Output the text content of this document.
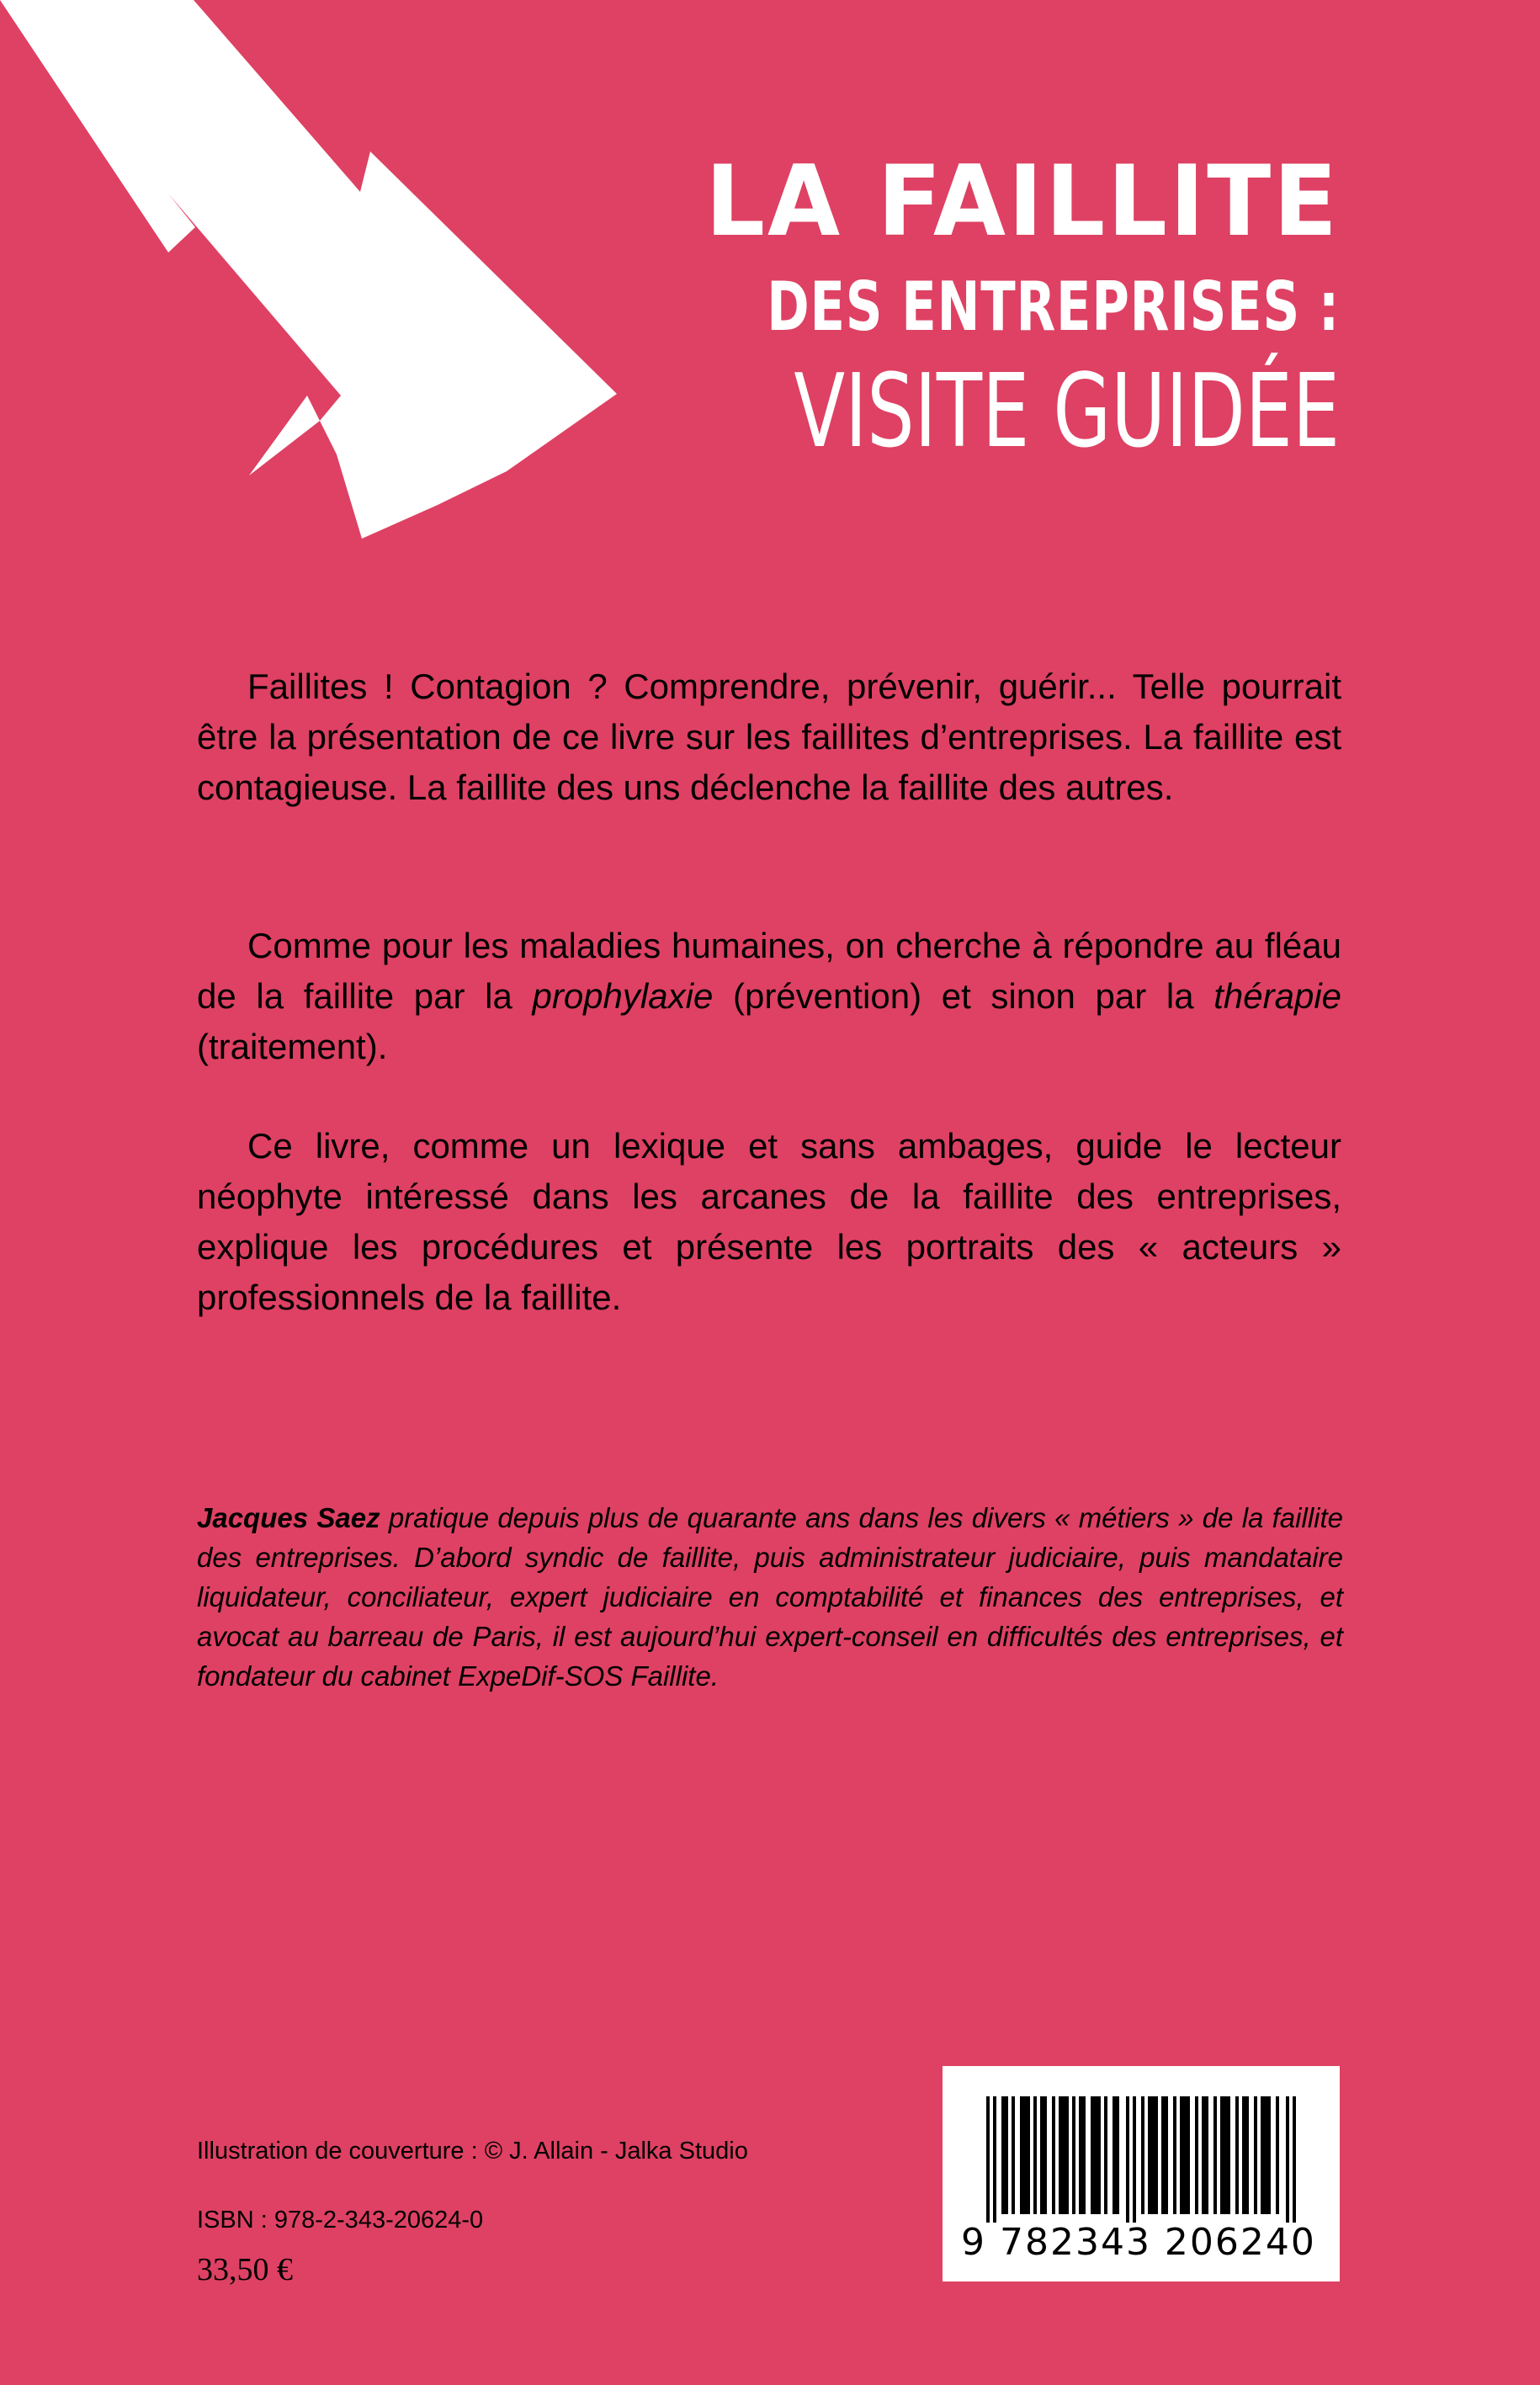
LA FAILLITE
DES ENTREPRISES :
VISITE GUIDÉE

Faillites ! Contagion ? Comprendre, prévenir, guérir... Telle pourrait être la présentation de ce livre sur les faillites d’entreprises. La faillite est contagieuse. La faillite des uns déclenche la faillite des autres.

Comme pour les maladies humaines, on cherche à répondre au fléau de la faillite par la prophylaxie (prévention) et sinon par la thérapie (traitement).

Ce livre, comme un lexique et sans ambages, guide le lecteur néophyte intéressé dans les arcanes de la faillite des entreprises, explique les procédures et présente les portraits des « acteurs » professionnels de la faillite.

Jacques Saez pratique depuis plus de quarante ans dans les divers « métiers » de la faillite des entreprises. D’abord syndic de faillite, puis administrateur judiciaire, puis mandataire liquidateur, conciliateur, expert judiciaire en comptabilité et finances des entreprises, et avocat au barreau de Paris, il est aujourd’hui expert-conseil en difficultés des entreprises, et fondateur du cabinet ExpeDif-SOS Faillite.
Illustration de couverture : © J. Allain - Jalka Studio
ISBN : 978-2-343-20624-0
33,50 €
9 782343 206240
